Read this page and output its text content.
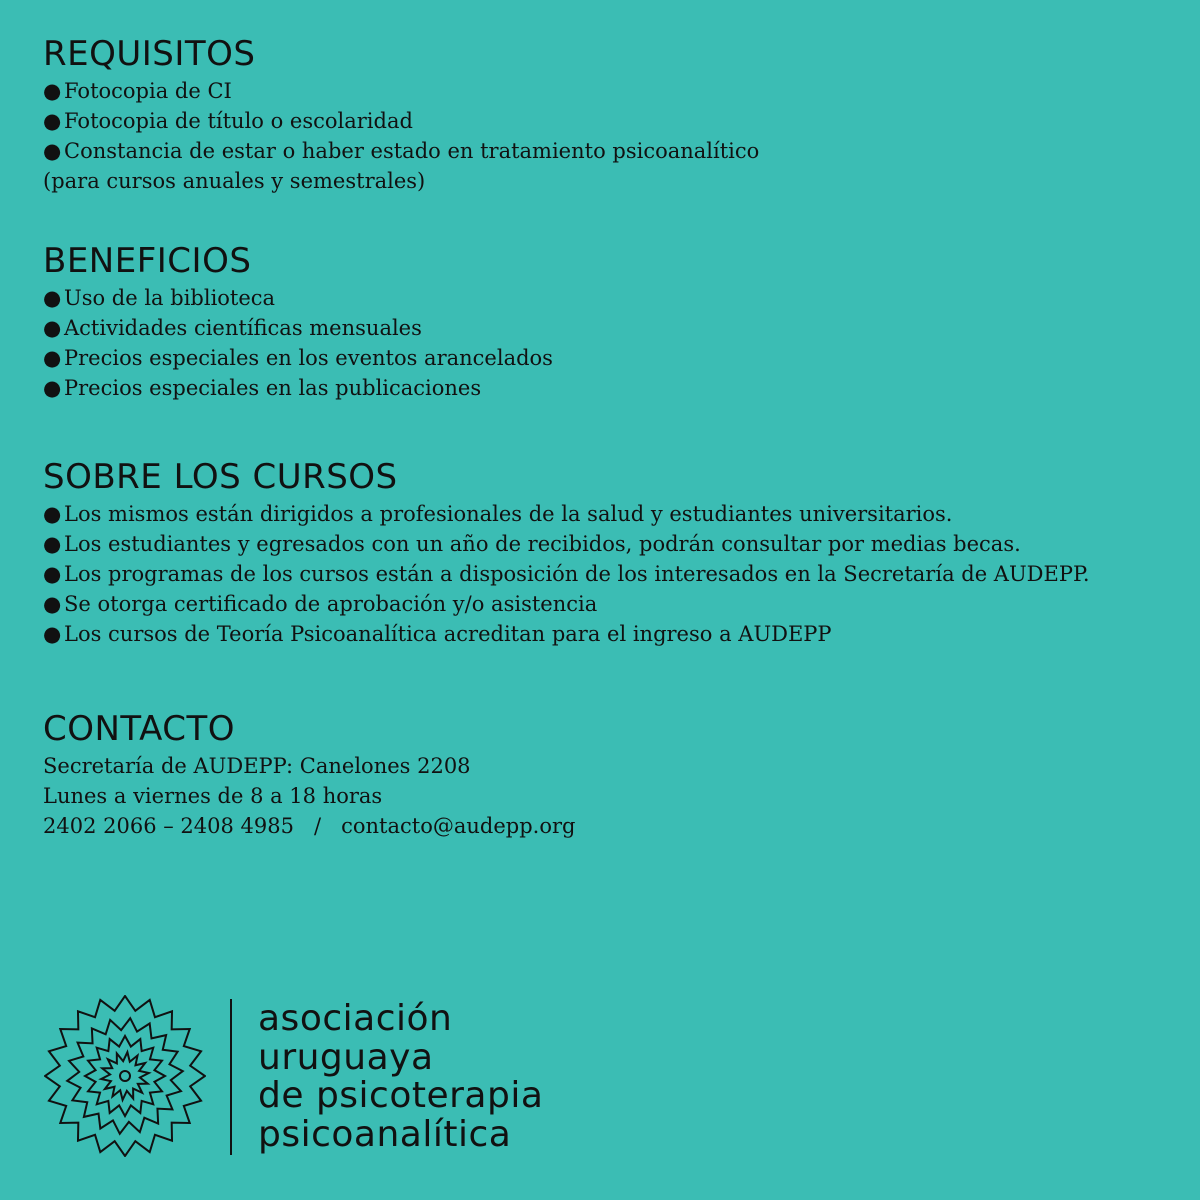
REQUISITOS
● Fotocopia de CI
● Fotocopia de título o escolaridad
● Constancia de estar o haber estado en tratamiento psicoanalítico
(para cursos anuales y semestrales)
BENEFICIOS
● Uso de la biblioteca
● Actividades científicas mensuales
● Precios especiales en los eventos arancelados
● Precios especiales en las publicaciones
SOBRE LOS CURSOS
● Los mismos están dirigidos a profesionales de la salud y estudiantes universitarios.
● Los estudiantes y egresados con un año de recibidos, podrán consultar por medias becas.
● Los programas de los cursos están a disposición de los interesados en la Secretaría de AUDEPP.
● Se otorga certificado de aprobación y/o asistencia
● Los cursos de Teoría Psicoanalítica acreditan para el ingreso a AUDEPP
CONTACTO
Secretaría de AUDEPP: Canelones 2208
Lunes a viernes de 8 a 18 horas
2402 2066 – 2408 4985 / contacto@audepp.org
asociación
uruguaya
de psicoterapia
psicoanalítica
